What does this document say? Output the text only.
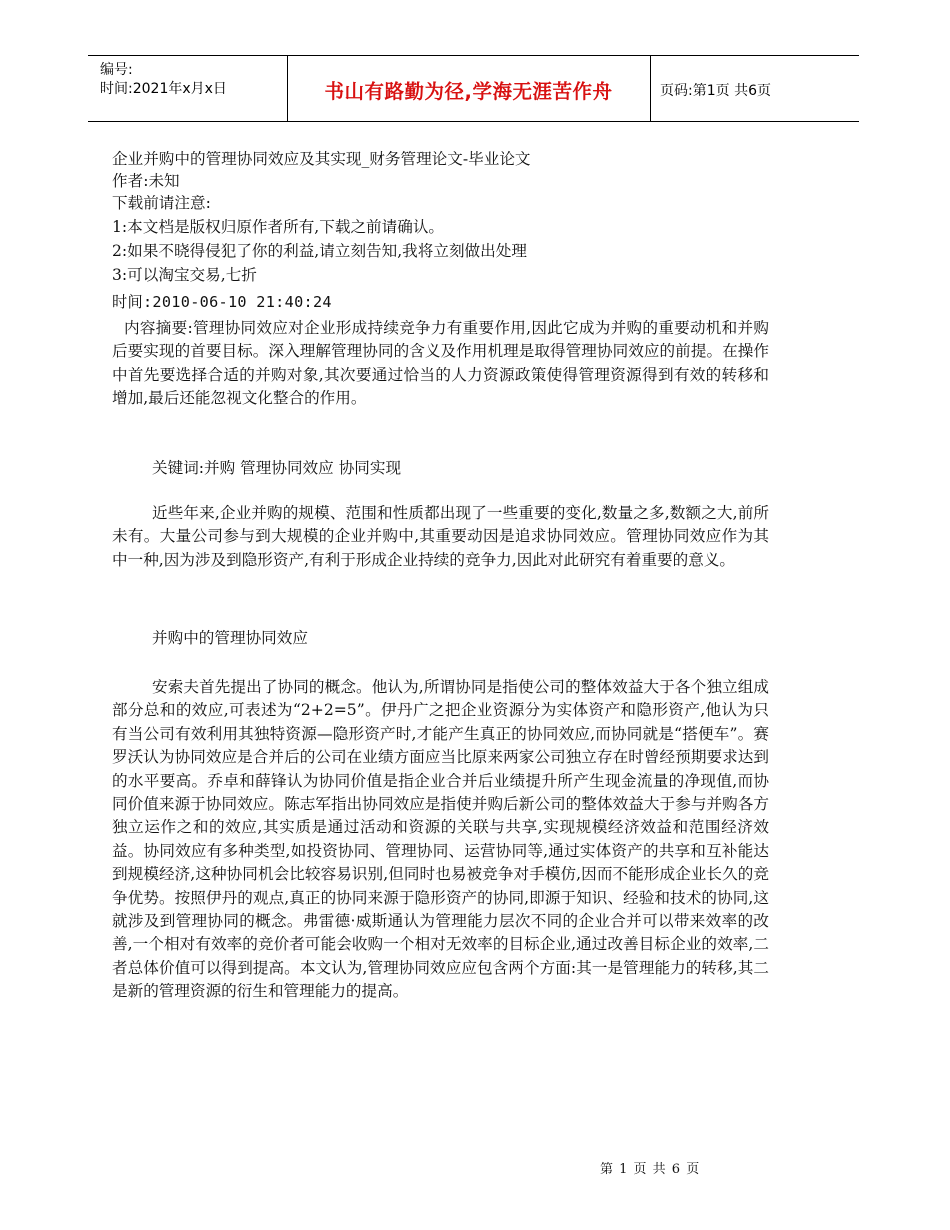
编号:
时间:2021年x月x日	书山有路勤为径,学海无涯苦作舟	页码:第1页 共6页
企业并购中的管理协同效应及其实现_财务管理论文-毕业论文
作者:未知
下载前请注意:
1:本文档是版权归原作者所有,下载之前请确认。
2:如果不晓得侵犯了你的利益,请立刻告知,我将立刻做出处理
3:可以淘宝交易,七折
时间:2010-06-10 21:40:24
内容摘要:管理协同效应对企业形成持续竞争力有重要作用,因此它成为并购的重要动机和并购后要实现的首要目标。深入理解管理协同的含义及作用机理是取得管理协同效应的前提。在操作中首先要选择合适的并购对象,其次要通过恰当的人力资源政策使得管理资源得到有效的转移和增加,最后还能忽视文化整合的作用。
关键词:并购 管理协同效应 协同实现
近些年来,企业并购的规模、范围和性质都出现了一些重要的变化,数量之多,数额之大,前所未有。大量公司参与到大规模的企业并购中,其重要动因是追求协同效应。管理协同效应作为其中一种,因为涉及到隐形资产,有利于形成企业持续的竞争力,因此对此研究有着重要的意义。
并购中的管理协同效应
安索夫首先提出了协同的概念。他认为,所谓协同是指使公司的整体效益大于各个独立组成部分总和的效应,可表述为“2+2=5”。伊丹广之把企业资源分为实体资产和隐形资产,他认为只有当公司有效利用其独特资源—隐形资产时,才能产生真正的协同效应,而协同就是“搭便车”。赛罗沃认为协同效应是合并后的公司在业绩方面应当比原来两家公司独立存在时曾经预期要求达到的水平要高。乔卓和薛锋认为协同价值是指企业合并后业绩提升所产生现金流量的净现值,而协同价值来源于协同效应。陈志军指出协同效应是指使并购后新公司的整体效益大于参与并购各方独立运作之和的效应,其实质是通过活动和资源的关联与共享,实现规模经济效益和范围经济效益。协同效应有多种类型,如投资协同、管理协同、运营协同等,通过实体资产的共享和互补能达到规模经济,这种协同机会比较容易识别,但同时也易被竞争对手模仿,因而不能形成企业长久的竞争优势。按照伊丹的观点,真正的协同来源于隐形资产的协同,即源于知识、经验和技术的协同,这就涉及到管理协同的概念。弗雷德·威斯通认为管理能力层次不同的企业合并可以带来效率的改善,一个相对有效率的竞价者可能会收购一个相对无效率的目标企业,通过改善目标企业的效率,二者总体价值可以得到提高。本文认为,管理协同效应应包含两个方面:其一是管理能力的转移,其二是新的管理资源的衍生和管理能力的提高。
第 1 页 共 6 页
